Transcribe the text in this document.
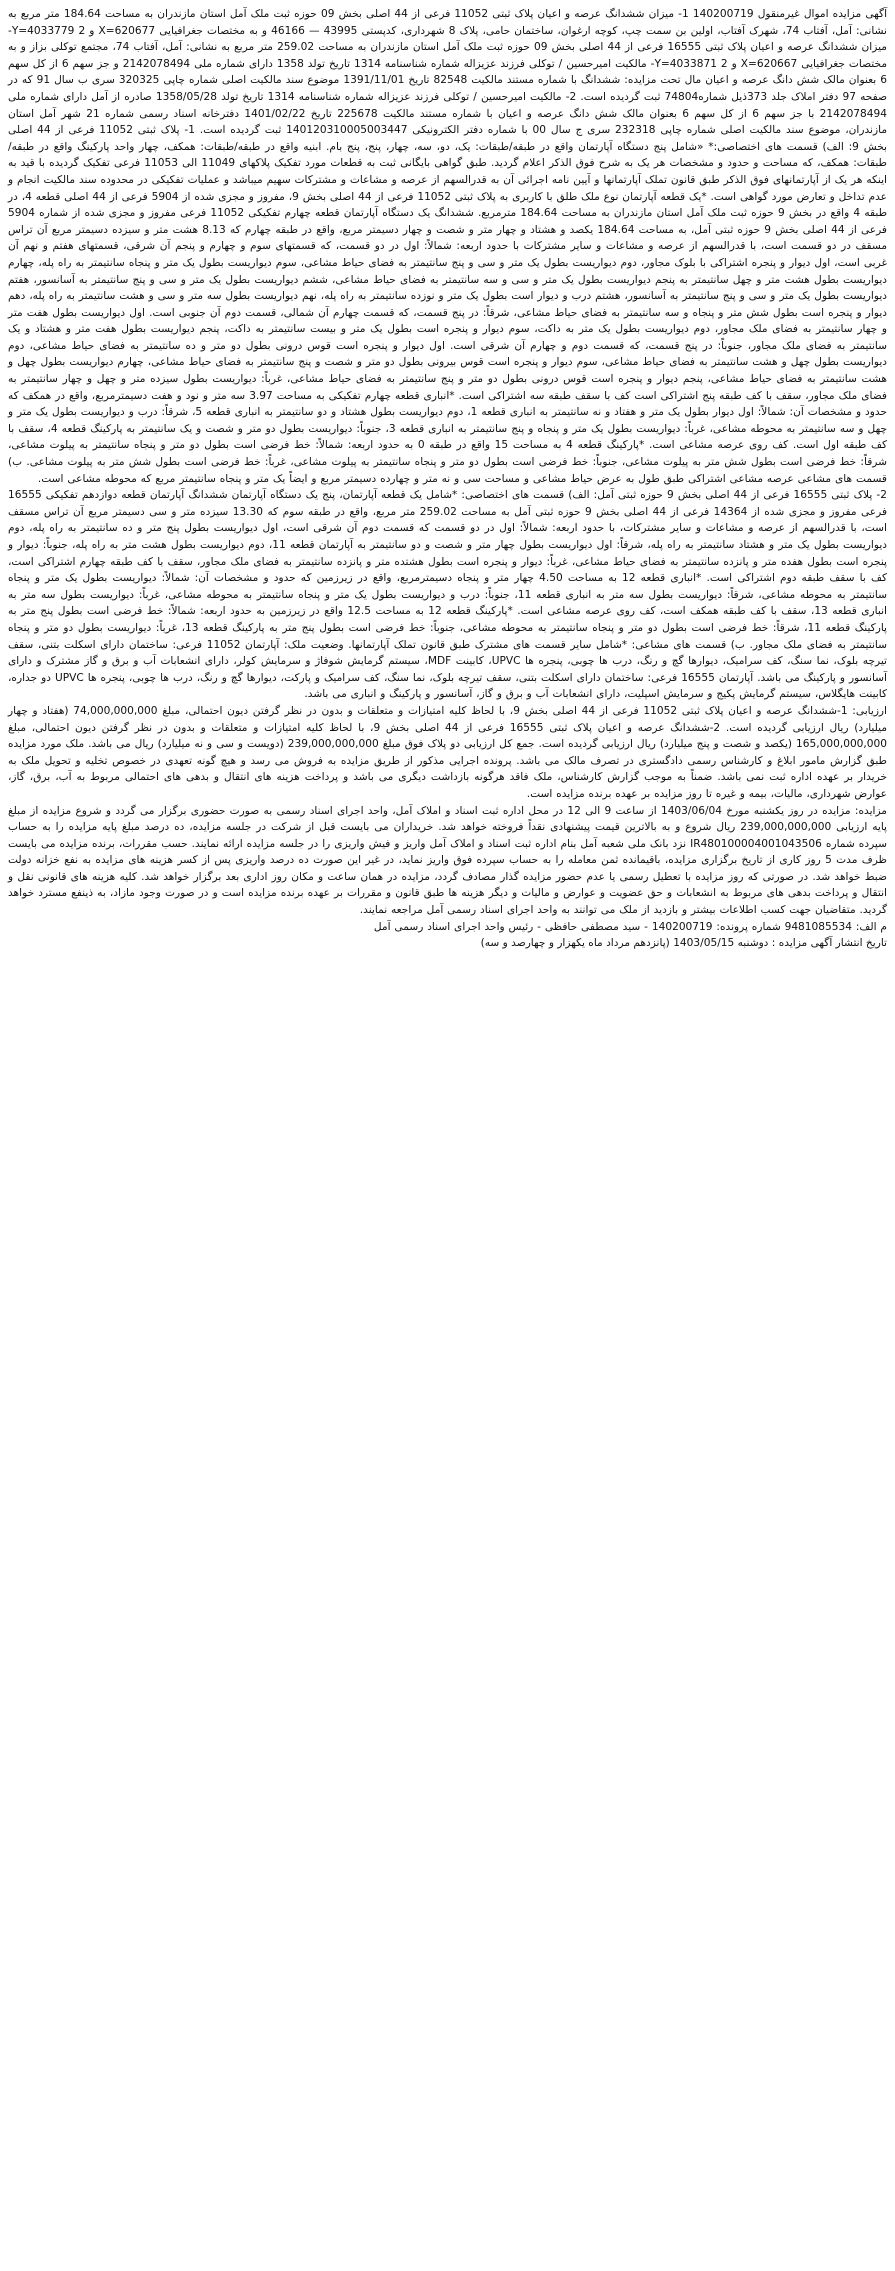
آگهی مزایده اموال غیرمنقول 140200719 1- میزان ششدانگ عرصه و اعیان پلاک ثبتی 11052 فرعی از 44 اصلی بخش 09 حوزه ثبت ملک آمل استان مازندران به مساحت 184.64 متر مربع به نشانی: آمل، آفتاب 74، شهرک آفتاب، اولین بن سمت چپ، کوچه ارغوان، ساختمان حامی، پلاک 8 شهرداری، کدپستی 43995 — 46166 و به مختصات جغرافیایی X=620677 و Y=4033779 2- میزان ششدانگ عرصه و اعیان پلاک ثبتی 16555 فرعی از 44 اصلی بخش 09 حوزه ثبت ملک آمل استان مازندران به مساحت 259.02 متر مربع به نشانی: آمل، آفتاب 74، مجتمع توکلی بزاز و به مختصات جغرافیایی X=620667 و Y=4033871 2- مالکیت امیرحسین / توکلی فرزند عزیزاله شماره شناسنامه 1314 تاریخ تولد 1358 دارای شماره ملی 2142078494 و جز سهم 6 از کل سهم 6 بعنوان مالک شش دانگ عرصه و اعیان مال تحت مزایده: ششدانگ با شماره مستند مالکیت 82548 تاریخ 1391/11/01 موضوع سند مالکیت اصلی شماره چاپی 320325 سری ب سال 91 که در صفحه 97 دفتر املاک جلد 373ذیل شماره74804 ثبت گردیده است. 2- مالکیت امیرحسین / توکلی فرزند عزیزاله شماره شناسنامه 1314 تاریخ تولد 1358/05/28 صادره از آمل دارای شماره ملی 2142078494 با جز سهم 6 از کل سهم 6 بعنوان مالک شش دانگ عرصه و اعیان با شماره مستند مالکیت 225678 تاریخ 1401/02/22 دفترخانه اسناد رسمی شماره 21 شهر آمل استان مازندران، موضوع سند مالکیت اصلی شماره چاپی 232318 سری ج سال 00 با شماره دفتر الکترونیکی 140120310005003447 ثبت گردیده است. 1- پلاک ثبتی 11052 فرعی از 44 اصلی بخش 9: الف) قسمت های اختصاصی:* «شامل پنج دستگاه آپارتمان واقع در طبقه/طبقات: یک، دو، سه، چهار، پنج، پنج بام. ابنیه واقع در طبقه/طبقات: همکف، چهار واحد پارکینگ واقع در طبقه/طبقات: همکف، که مساحت و حدود و مشخصات هر یک به شرح فوق الذکر اعلام گردید. طبق گواهی بایگانی ثبت به قطعات مورد تفکیک پلاکهای 11049 الی 11053 فرعی تفکیک گردیده با قید به اینکه هر یک از آپارتمانهای فوق الذکر طبق قانون تملک آپارتمانها و آیین نامه اجرائی آن به قدرالسهم از عرصه و مشاعات و مشترکات سهیم میباشد و عملیات تفکیکی در محدوده سند مالکیت انجام و عدم تداخل و تعارض مورد گواهی است. *یک قطعه آپارتمان نوع ملک طلق با کاربری به پلاک ثبتی 11052 فرعی از 44 اصلی بخش 9، مفروز و مجزی شده از 5904 فرعی از 44 اصلی قطعه 4، در طبقه 4 واقع در بخش 9 حوزه ثبت ملک آمل استان مازندران به مساحت 184.64 مترمربع. ششدانگ یک دستگاه آپارتمان قطعه چهارم تفکیکی 11052 فرعی مفروز و مجزی شده از شماره 5904 فرعی از 44 اصلی بخش 9 حوزه ثبتی آمل، به مساحت 184.64 یکصد و هشتاد و چهار متر و شصت و چهار دسیمتر مربع، واقع در طبقه چهارم که 8.13 هشت متر و سیزده دسیمتر مربع آن تراس مسقف در دو قسمت است، با قدرالسهم از عرصه و مشاعات و سایر مشترکات با حدود اربعه: شمالاً: اول در دو قسمت، که قسمتهای سوم و چهارم و پنجم آن شرقی، قسمتهای هفتم و نهم آن غربی است، اول دیوار و پنجره اشتراکی با بلوک مجاور، دوم دیواریست بطول یک متر و سی و پنج سانتیمتر به فضای حیاط مشاعی، سوم دیواریست بطول یک متر و پنجاه سانتیمتر به راه پله، چهارم دیواریست بطول هشت متر و چهل سانتیمتر به پنجم دیواریست بطول یک متر و سی و سه سانتیمتر به فضای حیاط مشاعی، ششم دیواریست بطول یک متر و سی و پنج سانتیمتر به آسانسور، هفتم دیواریست بطول یک متر و سی و پنج سانتیمتر به آسانسور، هشتم درب و دیوار است بطول یک متر و نوزده سانتیمتر به راه پله، نهم دیواریست بطول سه متر و سی و هشت سانتیمتر به راه پله، دهم دیوار و پنجره است بطول شش متر و پنجاه و سه سانتیمتر به فضای حیاط مشاعی، شرقاً: در پنج قسمت، که قسمت چهارم آن شمالی، قسمت دوم آن جنوبی است. اول دیواریست بطول هفت متر و چهار سانتیمتر به فضای ملک مجاور، دوم دیواریست بطول یک متر به داکت، سوم دیوار و پنجره است بطول یک متر و بیست سانتیمتر به داکت، پنجم دیواریست بطول هفت متر و هشتاد و یک سانتیمتر به فضای ملک مجاور، جنوباً: در پنج قسمت، که قسمت دوم و چهارم آن شرقی است. اول دیوار و پنجره است قوس درونی بطول دو متر و ده سانتیمتر به فضای حیاط مشاعی، دوم دیواریست بطول چهل و هشت سانتیمتر به فضای حیاط مشاعی، سوم دیوار و پنجره است قوس بیرونی بطول دو متر و شصت و پنج سانتیمتر به فضای حیاط مشاعی، چهارم دیواریست بطول چهل و هشت سانتیمتر به فضای حیاط مشاعی، پنجم دیوار و پنجره است قوس درونی بطول دو متر و پنج سانتیمتر به فضای حیاط مشاعی، غرباً: دیواریست بطول سیزده متر و چهل و چهار سانتیمتر به فضای ملک مجاور، سقف با کف طبقه پنج اشتراکی است کف با سقف طبقه سه اشتراکی است. *انباری قطعه چهارم تفکیکی به مساحت 3.97 سه متر و نود و هفت دسیمترمربع، واقع در همکف که حدود و مشخصات آن: شمالاً: اول دیوار بطول یک متر و هفتاد و نه سانتیمتر به انباری قطعه 1، دوم دیواریست بطول هشتاد و دو سانتیمتر به انباری قطعه 5، شرقاً: درب و دیواریست بطول یک متر و چهل و سه سانتیمتر به محوطه مشاعی، غرباً: دیواریست بطول یک متر و پنجاه و پنج سانتیمتر به انباری قطعه 3، جنوباً: دیواریست بطول دو متر و شصت و یک سانتیمتر به پارکینگ قطعه 4، سقف با کف طبقه اول است. کف روی عرصه مشاعی است. *پارکینگ قطعه 4 به مساحت 15 واقع در طبقه 0 به حدود اربعه: شمالاً: خط فرضی است بطول دو متر و پنجاه سانتیمتر به پیلوت مشاعی، شرقاً: خط فرضی است بطول شش متر به پیلوت مشاعی، جنوباً: خط فرضی است بطول دو متر و پنجاه سانتیمتر به پیلوت مشاعی، غرباً: خط فرضی است بطول شش متر به پیلوت مشاعی. ب) قسمت های مشاعی عرصه مشاعی اشتراکی طبق طول به عرض حیاط مشاعی و مساحت سی و نه متر و چهارده دسیمتر مربع و ایضاً یک متر و پنجاه سانتیمتر مربع که محوطه مشاعی است.

2- پلاک ثبتی 16555 فرعی از 44 اصلی بخش 9 حوزه ثبتی آمل: الف) قسمت های اختصاصی: *شامل یک قطعه آپارتمان، پنج یک دستگاه آپارتمان ششدانگ آپارتمان قطعه دوازدهم تفکیکی 16555 فرعی مفروز و مجزی شده از 14364 فرعی از 44 اصلی بخش 9 حوزه ثبتی آمل به مساحت 259.02 متر مربع، واقع در طبقه سوم که 13.30 سیزده متر و سی دسیمتر مربع آن تراس مسقف است، با قدرالسهم از عرصه و مشاعات و سایر مشترکات، با حدود اربعه: شمالاً: اول در دو قسمت که قسمت دوم آن شرقی است، اول دیواریست بطول پنج متر و ده سانتیمتر به راه پله، دوم دیواریست بطول یک متر و هشتاد سانتیمتر به راه پله، شرقاً: اول دیواریست بطول چهار متر و شصت و دو سانتیمتر به آپارتمان قطعه 11، دوم دیواریست بطول هشت متر به راه پله، جنوباً: دیوار و پنجره است بطول هفده متر و پانزده سانتیمتر به فضای حیاط مشاعی، غرباً: دیوار و پنجره است بطول هشتده متر و پانزده سانتیمتر به فضای ملک مجاور، سقف با کف طبقه چهارم اشتراکی است، کف با سقف طبقه دوم اشتراکی است. *انباری قطعه 12 به مساحت 4.50 چهار متر و پنجاه دسیمترمربع، واقع در زیرزمین که حدود و مشخصات آن: شمالاً: دیواریست بطول یک متر و پنجاه سانتیمتر به محوطه مشاعی، شرقاً: دیواریست بطول سه متر به انباری قطعه 11، جنوباً: درب و دیواریست بطول یک متر و پنجاه سانتیمتر به محوطه مشاعی، غرباً: دیواریست بطول سه متر به انباری قطعه 13، سقف با کف طبقه همکف است، کف روی عرصه مشاعی است. *پارکینگ قطعه 12 به مساحت 12.5 واقع در زیرزمین به حدود اربعه: شمالاً: خط فرضی است بطول پنج متر به پارکینگ قطعه 11، شرقاً: خط فرضی است بطول دو متر و پنجاه سانتیمتر به محوطه مشاعی، جنوباً: خط فرضی است بطول پنج متر به پارکینگ قطعه 13، غرباً: دیواریست بطول دو متر و پنجاه سانتیمتر به فضای ملک مجاور. ب) قسمت های مشاعی: *شامل سایر قسمت های مشترک طبق قانون تملک آپارتمانها. وضعیت ملک: آپارتمان 11052 فرعی: ساختمان دارای اسکلت بتنی، سقف تیرچه بلوک، نما سنگ، کف سرامیک، دیوارها گچ و رنگ، درب ها چوبی، پنجره ها UPVC، کابینت MDF، سیستم گرمایش شوفاژ و سرمایش کولر، دارای انشعابات آب و برق و گاز مشترک و دارای آسانسور و پارکینگ می باشد. آپارتمان 16555 فرعی: ساختمان دارای اسکلت بتنی، سقف تیرچه بلوک، نما سنگ، کف سرامیک و پارکت، دیوارها گچ و رنگ، درب ها چوبی، پنجره ها UPVC دو جداره، کابینت هایگلاس، سیستم گرمایش پکیج و سرمایش اسپلیت، دارای انشعابات آب و برق و گاز، آسانسور و پارکینگ و انباری می باشد.

ارزیابی: 1-ششدانگ عرصه و اعیان پلاک ثبتی 11052 فرعی از 44 اصلی بخش 9، با لحاظ کلیه امتیازات و متعلقات و بدون در نظر گرفتن دیون احتمالی، مبلغ 74,000,000,000 (هفتاد و چهار میلیارد) ریال ارزیابی گردیده است. 2-ششدانگ عرصه و اعیان پلاک ثبتی 16555 فرعی از 44 اصلی بخش 9، با لحاظ کلیه امتیازات و متعلقات و بدون در نظر گرفتن دیون احتمالی، مبلغ 165,000,000,000 (یکصد و شصت و پنج میلیارد) ریال ارزیابی گردیده است. جمع کل ارزیابی دو پلاک فوق مبلغ 239,000,000,000 (دویست و سی و نه میلیارد) ریال می باشد. ملک مورد مزایده طبق گزارش مامور ابلاغ و کارشناس رسمی دادگستری در تصرف مالک می باشد. پرونده اجرایی مذکور از طریق مزایده به فروش می رسد و هیچ گونه تعهدی در خصوص تخلیه و تحویل ملک به خریدار بر عهده اداره ثبت نمی باشد. ضمناً به موجب گزارش کارشناس، ملک فاقد هرگونه بازداشت دیگری می باشد و پرداخت هزینه های انتقال و بدهی های احتمالی مربوط به آب، برق، گاز، عوارض شهرداری، مالیات، بیمه و غیره تا روز مزایده بر عهده برنده مزایده است.

مزایده: مزایده در روز یکشنبه مورخ 1403/06/04 از ساعت 9 الی 12 در محل اداره ثبت اسناد و املاک آمل، واحد اجرای اسناد رسمی به صورت حضوری برگزار می گردد و شروع مزایده از مبلغ پایه ارزیابی 239,000,000,000 ریال شروع و به بالاترین قیمت پیشنهادی نقداً فروخته خواهد شد. خریداران می بایست قبل از شرکت در جلسه مزایده، ده درصد مبلغ پایه مزایده را به حساب سپرده شماره IR480100004001043506 نزد بانک ملی شعبه آمل بنام اداره ثبت اسناد و املاک آمل واریز و فیش واریزی را در جلسه مزایده ارائه نمایند. حسب مقررات، برنده مزایده می بایست ظرف مدت 5 روز کاری از تاریخ برگزاری مزایده، باقیمانده ثمن معامله را به حساب سپرده فوق واریز نماید، در غیر این صورت ده درصد واریزی پس از کسر هزینه های مزایده به نفع خزانه دولت ضبط خواهد شد. در صورتی که روز مزایده با تعطیل رسمی یا عدم حضور مزایده گذار مصادف گردد، مزایده در همان ساعت و مکان روز اداری بعد برگزار خواهد شد. کلیه هزینه های قانونی نقل و انتقال و پرداخت بدهی های مربوط به انشعابات و حق عضویت و عوارض و مالیات و دیگر هزینه ها طبق قانون و مقررات بر عهده برنده مزایده است و در صورت وجود مازاد، به ذینفع مسترد خواهد گردید. متقاضیان جهت کسب اطلاعات بیشتر و بازدید از ملک می توانند به واحد اجرای اسناد رسمی آمل مراجعه نمایند.

م الف: 9481085534 شماره پرونده: 140200719 - سید مصطفی حافظی - رئیس واحد اجرای اسناد رسمی آمل

تاریخ انتشار آگهی مزایده : دوشنبه 1403/05/15 (پانزدهم مرداد ماه یکهزار و چهارصد و سه)
